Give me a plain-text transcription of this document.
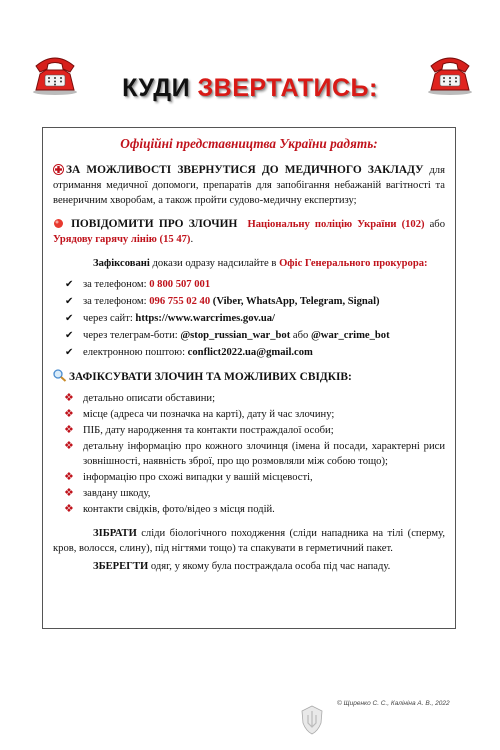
КУДИ ЗВЕРТАТИСЬ:
Офіційні представництва України радять:
ЗА МОЖЛИВОСТІ ЗВЕРНУТИСЯ ДО МЕДИЧНОГО ЗАКЛАДУ для отримання медичної допомоги, препаратів для запобігання небажаній вагітності та венеричним хворобам, а також пройти судово-медичну експертизу;
ПОВІДОМИТИ ПРО ЗЛОЧИН Національну поліцію України (102) або Урядову гарячу лінію (15 47).
Зафіксовані докази одразу надсилайте в Офіс Генерального прокурора:
✔ за телефоном: 0 800 507 001
✔ за телефоном: 096 755 02 40 (Viber, WhatsApp, Telegram, Signal)
✔ через сайт: https://www.warcrimes.gov.ua/
✔ через телеграм-боти: @stop_russian_war_bot або @war_crime_bot
✔ електронною поштою: conflict2022.ua@gmail.com
ЗАФІКСУВАТИ ЗЛОЧИН ТА МОЖЛИВИХ СВІДКІВ:
❖ детально описати обставини;
❖ місце (адреса чи позначка на карті), дату й час злочину;
❖ ПІБ, дату народження та контакти постраждалої особи;
❖ детальну інформацію про кожного злочинця (імена й посади, характерні риси зовнішності, наявність зброї, про що розмовляли між собою тощо);
❖ інформацію про схожі випадки у вашій місцевості,
❖ завдану шкоду,
❖ контакти свідків, фото/відео з місця подій.
ЗІБРАТИ сліди біологічного походження (сліди нападника на тілі (сперму, кров, волосся, слину), під нігтями тощо) та спакувати в герметичний пакет.
ЗБЕРЕГТИ одяг, у якому була постраждала особа під час нападу.
© Щиренко С. С., Калініна А. В., 2022
